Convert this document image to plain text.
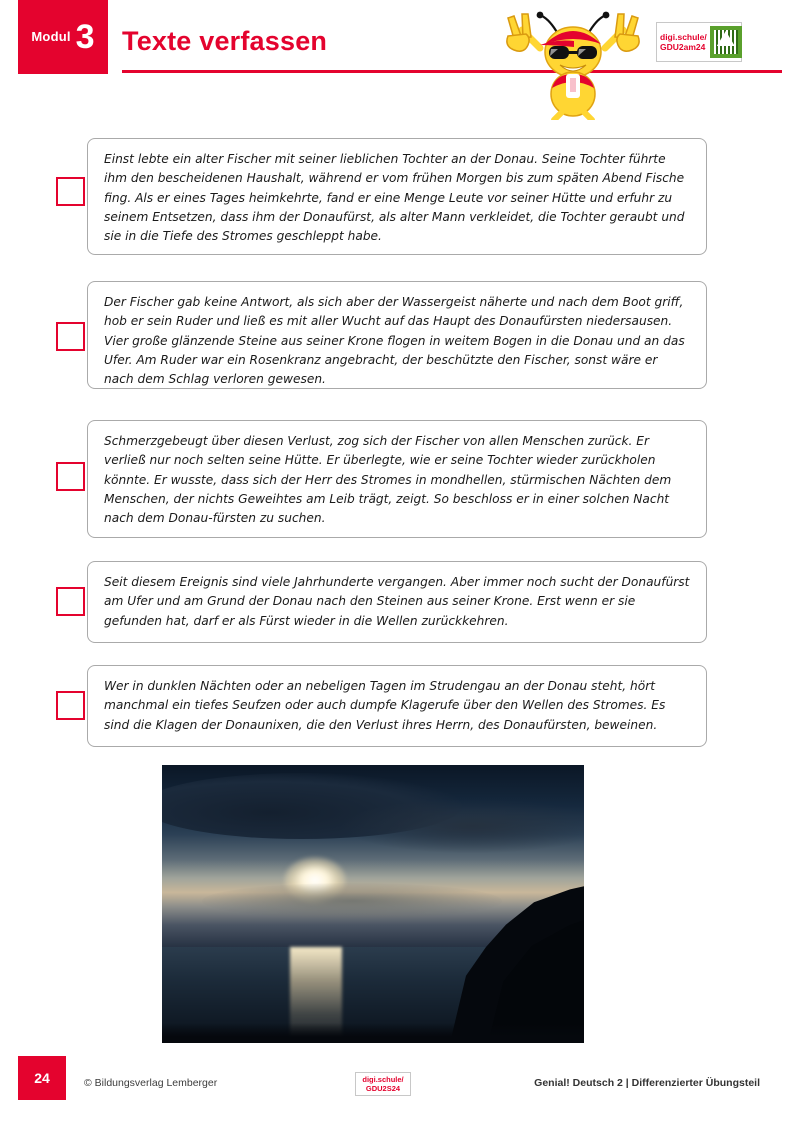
Modul 3 Texte verfassen	digi.schule/
GDU2am24
Einst lebte ein alter Fischer mit seiner lieblichen Tochter an der Donau. Seine Tochter führte ihm den bescheidenen Haushalt, während er vom frühen Morgen bis zum späten Abend Fische fing. Als er eines Tages heimkehrte, fand er eine Menge Leute vor seiner Hütte und erfuhr zu seinem Entsetzen, dass ihm der Donaufürst, als alter Mann verkleidet, die Tochter geraubt und sie in die Tiefe des Stromes geschleppt habe.
Der Fischer gab keine Antwort, als sich aber der Wassergeist näherte und nach dem Boot griff, hob er sein Ruder und ließ es mit aller Wucht auf das Haupt des Donaufürsten niedersausen. Vier große glänzende Steine aus seiner Krone flogen in weitem Bogen in die Donau und an das Ufer. Am Ruder war ein Rosenkranz angebracht, der beschützte den Fischer, sonst wäre er nach dem Schlag verloren gewesen.
Schmerzgebeugt über diesen Verlust, zog sich der Fischer von allen Menschen zurück. Er verließ nur noch selten seine Hütte. Er überlegte, wie er seine Tochter wieder zurückholen könnte. Er wusste, dass sich der Herr des Stromes in mondhellen, stürmischen Nächten dem Menschen, der nichts Geweihtes am Leib trägt, zeigt. So beschloss er in einer solchen Nacht nach dem Donau-fürsten zu suchen.
Seit diesem Ereignis sind viele Jahrhunderte vergangen. Aber immer noch sucht der Donaufürst am Ufer und am Grund der Donau nach den Steinen aus seiner Krone. Erst wenn er sie gefunden hat, darf er als Fürst wieder in die Wellen zurückkehren.
Wer in dunklen Nächten oder an nebeligen Tagen im Strudengau an der Donau steht, hört manchmal ein tiefes Seufzen oder auch dumpfe Klagerufe über den Wellen des Stromes. Es sind die Klagen der Donaunixen, die den Verlust ihres Herrn, des Donaufürsten, beweinen.
24	© Bildungsverlag Lemberger	digi.schule/
GDU2S24	Genial! Deutsch 2 | Differenzierter Übungsteil
